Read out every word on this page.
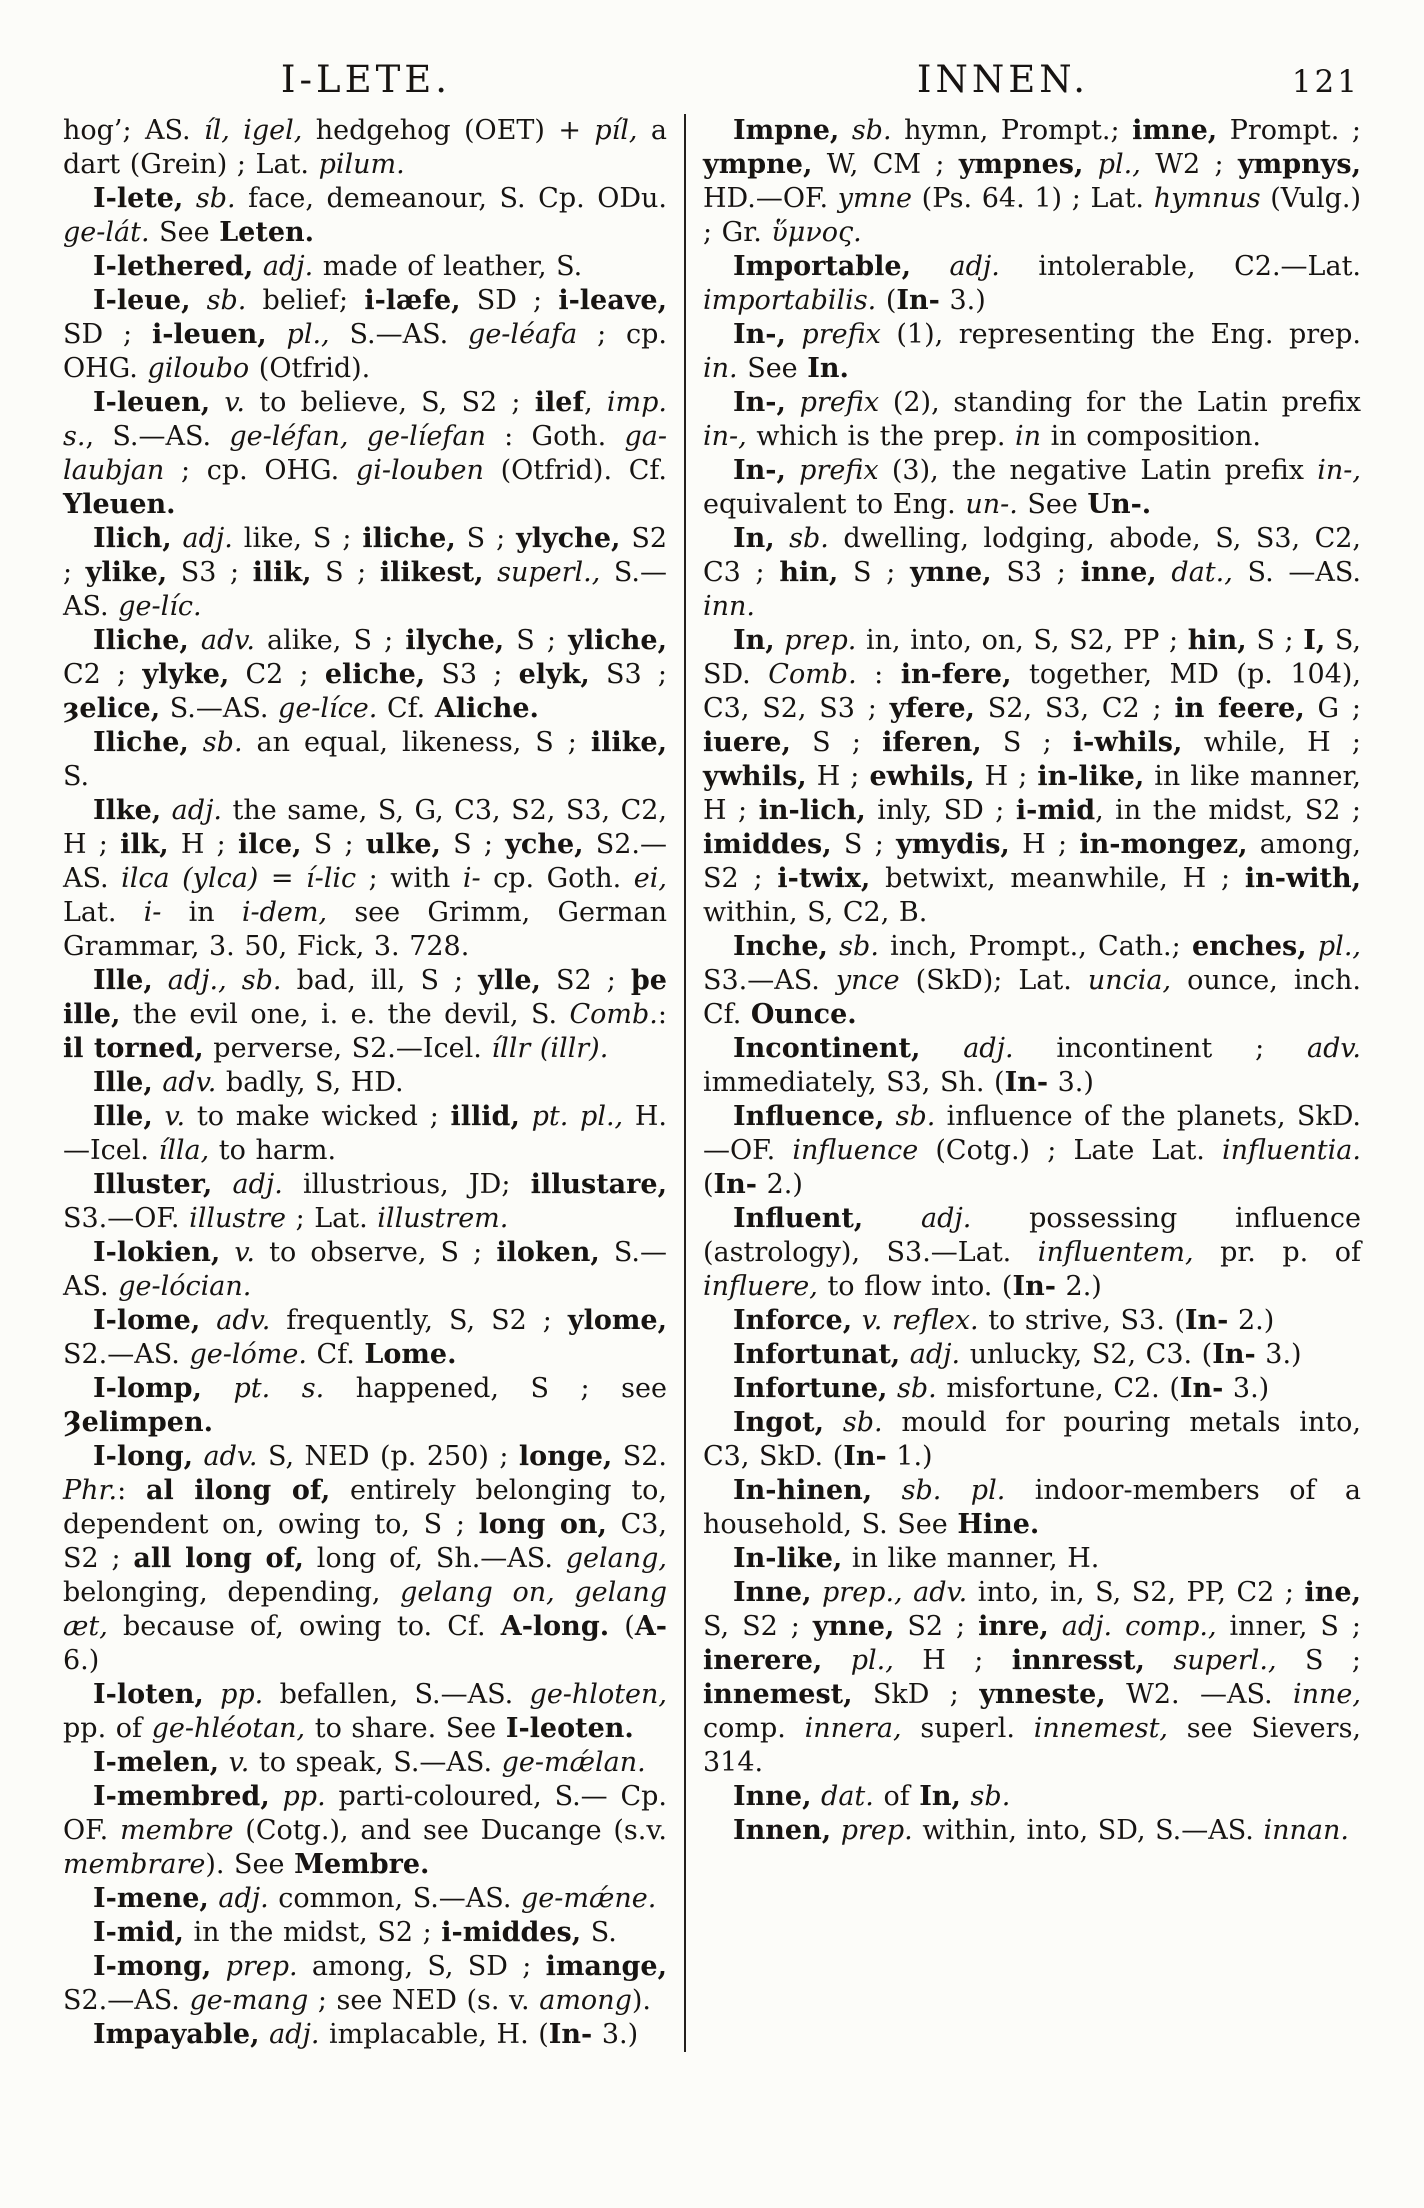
I-LETE.	INNEN.	121

hog’; AS. íl, igel, hedgehog (OET) + píl, a dart (Grein) ; Lat. pilum.

I-lete, sb. face, demeanour, S. Cp. ODu. ge-lát. See Leten.

I-lethered, adj. made of leather, S.

I-leue, sb. belief; i-læfe, SD ; i-leave, SD ; i-leuen, pl., S.—AS. ge-léafa ; cp. OHG. giloubo (Otfrid).

I-leuen, v. to believe, S, S2 ; ilef, imp. s., S.—AS. ge-léfan, ge-líefan : Goth. ga-laubjan ; cp. OHG. gi-louben (Otfrid). Cf. Yleuen.

Ilich, adj. like, S ; iliche, S ; ylyche, S2 ; ylike, S3 ; ilik, S ; ilikest, superl., S.—AS. ge-líc.

Iliche, adv. alike, S ; ilyche, S ; yliche, C2 ; ylyke, C2 ; eliche, S3 ; elyk, S3 ; ȝelice, S.—AS. ge-líce. Cf. Aliche.

Iliche, sb. an equal, likeness, S ; ilike, S.

Ilke, adj. the same, S, G, C3, S2, S3, C2, H ; ilk, H ; ilce, S ; ulke, S ; yche, S2.—AS. ilca (ylca) = í-lic ; with i- cp. Goth. ei, Lat. i- in i-dem, see Grimm, German Grammar, 3. 50, Fick, 3. 728.

Ille, adj., sb. bad, ill, S ; ylle, S2 ; þe ille, the evil one, i. e. the devil, S. Comb.: il torned, perverse, S2.—Icel. íllr (illr).

Ille, adv. badly, S, HD.

Ille, v. to make wicked ; illid, pt. pl., H.—Icel. ílla, to harm.

Illuster, adj. illustrious, JD; illustare, S3.—OF. illustre ; Lat. illustrem.

I-lokien, v. to observe, S ; iloken, S.—AS. ge-lócian.

I-lome, adv. frequently, S, S2 ; ylome, S2.—AS. ge-lóme. Cf. Lome.

I-lomp, pt. s. happened, S ; see Ȝelimpen.

I-long, adv. S, NED (p. 250) ; longe, S2. Phr.: al ilong of, entirely belonging to, dependent on, owing to, S ; long on, C3, S2 ; all long of, long of, Sh.—AS. gelang, belonging, depending, gelang on, gelang æt, because of, owing to. Cf. A-long. (A- 6.)

I-loten, pp. befallen, S.—AS. ge-hloten, pp. of ge-hléotan, to share. See I-leoten.

I-melen, v. to speak, S.—AS. ge-mǽlan.

I-membred, pp. parti-coloured, S.— Cp. OF. membre (Cotg.), and see Ducange (s.v. membrare). See Membre.

I-mene, adj. common, S.—AS. ge-mǽne.

I-mid, in the midst, S2 ; i-middes, S.

I-mong, prep. among, S, SD ; imange, S2.—AS. ge-mang ; see NED (s. v. among).

Impayable, adj. implacable, H. (In- 3.)

Impne, sb. hymn, Prompt.; imne, Prompt. ; ympne, W, CM ; ympnes, pl., W2 ; ympnys, HD.—OF. ymne (Ps. 64. 1) ; Lat. hymnus (Vulg.) ; Gr. ὕμνος.

Importable, adj. intolerable, C2.—Lat. importabilis. (In- 3.)

In-, prefix (1), representing the Eng. prep. in. See In.

In-, prefix (2), standing for the Latin prefix in-, which is the prep. in in composition.

In-, prefix (3), the negative Latin prefix in-, equivalent to Eng. un-. See Un-.

In, sb. dwelling, lodging, abode, S, S3, C2, C3 ; hin, S ; ynne, S3 ; inne, dat., S. —AS. inn.

In, prep. in, into, on, S, S2, PP ; hin, S ; I, S, SD. Comb. : in-fere, together, MD (p. 104), C3, S2, S3 ; yfere, S2, S3, C2 ; in feere, G ; iuere, S ; iferen, S ; i-whils, while, H ; ywhils, H ; ewhils, H ; in-like, in like manner, H ; in-lich, inly, SD ; i-mid, in the midst, S2 ; imiddes, S ; ymydis, H ; in-mongez, among, S2 ; i-twix, betwixt, meanwhile, H ; in-with, within, S, C2, B.

Inche, sb. inch, Prompt., Cath.; enches, pl., S3.—AS. ynce (SkD); Lat. uncia, ounce, inch. Cf. Ounce.

Incontinent, adj. incontinent ; adv. immediately, S3, Sh. (In- 3.)

Influence, sb. influence of the planets, SkD.—OF. influence (Cotg.) ; Late Lat. influentia. (In- 2.)

Influent, adj. possessing influence (astrology), S3.—Lat. influentem, pr. p. of influere, to flow into. (In- 2.)

Inforce, v. reflex. to strive, S3. (In- 2.)

Infortunat, adj. unlucky, S2, C3. (In- 3.)

Infortune, sb. misfortune, C2. (In- 3.)

Ingot, sb. mould for pouring metals into, C3, SkD. (In- 1.)

In-hinen, sb. pl. indoor-members of a household, S. See Hine.

In-like, in like manner, H.

Inne, prep., adv. into, in, S, S2, PP, C2 ; ine, S, S2 ; ynne, S2 ; inre, adj. comp., inner, S ; inerere, pl., H ; innresst, superl., S ; innemest, SkD ; ynneste, W2. —AS. inne, comp. innera, superl. innemest, see Sievers, 314.

Inne, dat. of In, sb.

Innen, prep. within, into, SD, S.—AS. innan.
